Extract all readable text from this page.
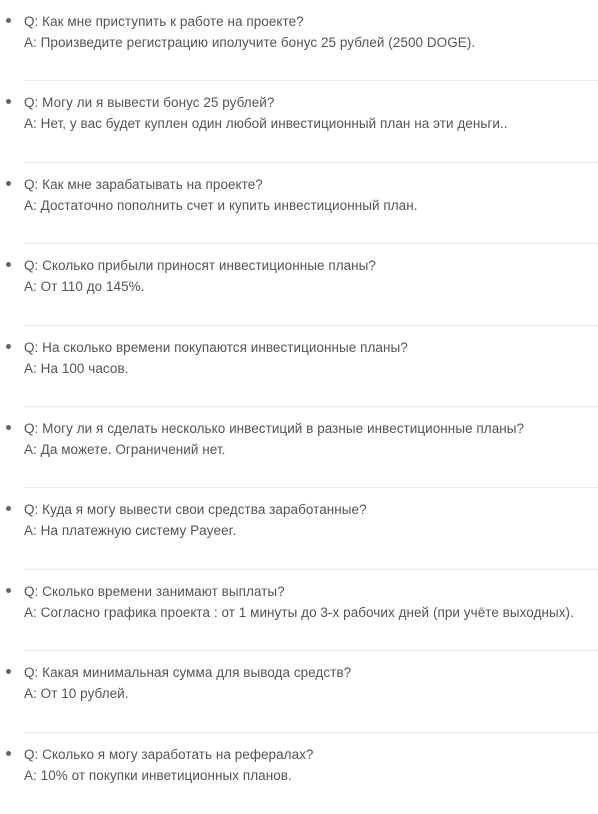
Q: Как мне приступить к работе на проекте?
A: Произведите регистрацию иполучите бонус 25 рублей (2500 DOGE).
Q: Могу ли я вывести бонус 25 рублей?
A: Нет, у вас будет куплен один любой инвестиционный план на эти деньги..
Q: Как мне зарабатывать на проекте?
A: Достаточно пополнить счет и купить инвестиционный план.
Q: Сколько прибыли приносят инвестиционные планы?
A: От 110 до 145%.
Q: На сколько времени покупаются инвестиционные планы?
A: На 100 часов.
Q: Могу ли я сделать несколько инвестиций в разные инвестиционные планы?
A: Да можете. Ограничений нет.
Q: Куда я могу вывести свои средства заработанные?
A: На платежную систему Payeer.
Q: Сколько времени занимают выплаты?
A: Согласно графика проекта : от 1 минуты до 3-х рабочих дней (при учёте выходных).
Q: Какая минимальная сумма для вывода средств?
A: От 10 рублей.
Q: Сколько я могу заработать на рефералах?
A: 10% от покупки инветиционных планов.
